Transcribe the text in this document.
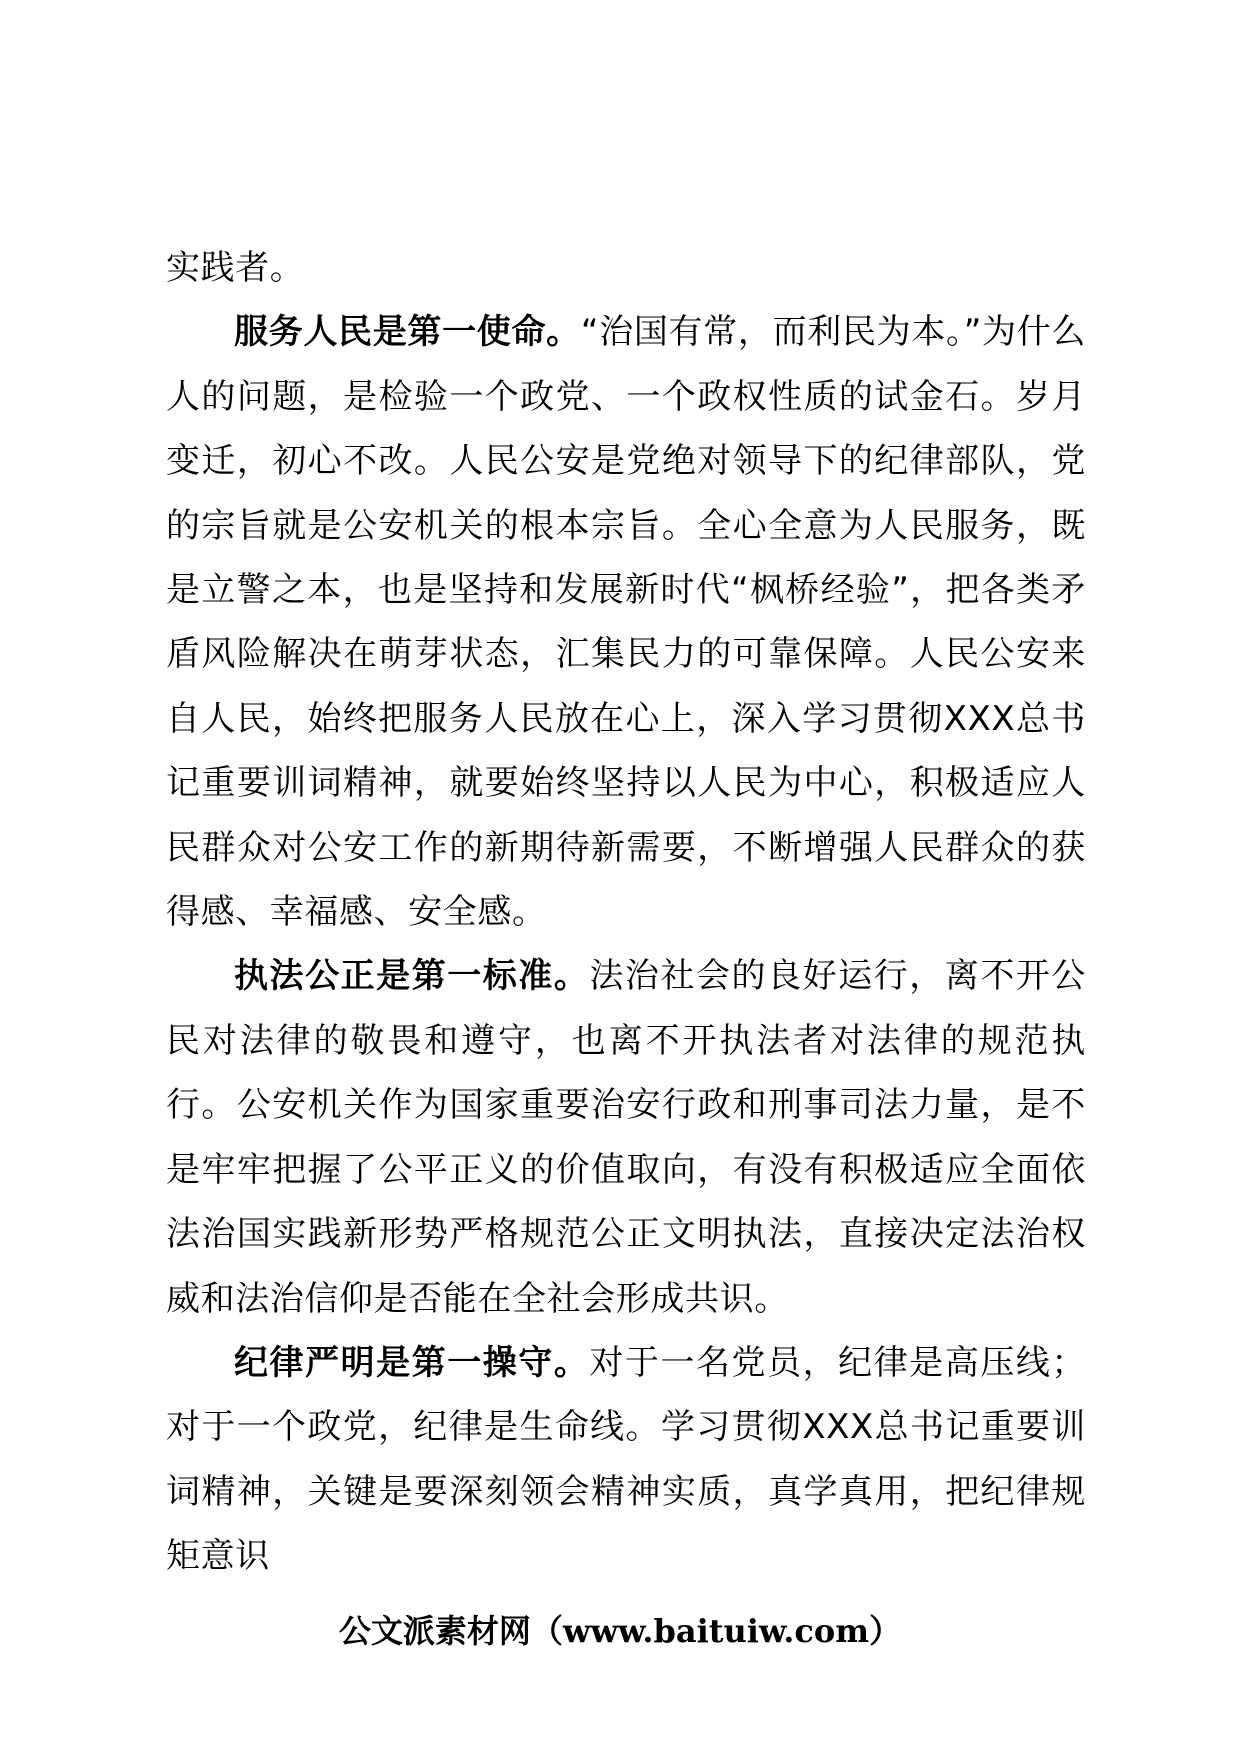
实践者。

服务人民是第一使命。“治国有常，而利民为本。”为什么人的问题，是检验一个政党、一个政权性质的试金石。岁月变迁，初心不改。人民公安是党绝对领导下的纪律部队，党的宗旨就是公安机关的根本宗旨。全心全意为人民服务，既是立警之本，也是坚持和发展新时代“枫桥经验”，把各类矛盾风险解决在萌芽状态，汇集民力的可靠保障。人民公安来自人民，始终把服务人民放在心上，深入学习贯彻XXX总书记重要训词精神，就要始终坚持以人民为中心，积极适应人民群众对公安工作的新期待新需要，不断增强人民群众的获得感、幸福感、安全感。

执法公正是第一标准。法治社会的良好运行，离不开公民对法律的敬畏和遵守，也离不开执法者对法律的规范执行。公安机关作为国家重要治安行政和刑事司法力量，是不是牢牢把握了公平正义的价值取向，有没有积极适应全面依法治国实践新形势严格规范公正文明执法，直接决定法治权威和法治信仰是否能在全社会形成共识。

纪律严明是第一操守。对于一名党员，纪律是高压线；对于一个政党，纪律是生命线。学习贯彻XXX总书记重要训词精神，关键是要深刻领会精神实质，真学真用，把纪律规矩意识

公文派素材网（www.baituiw.com）
